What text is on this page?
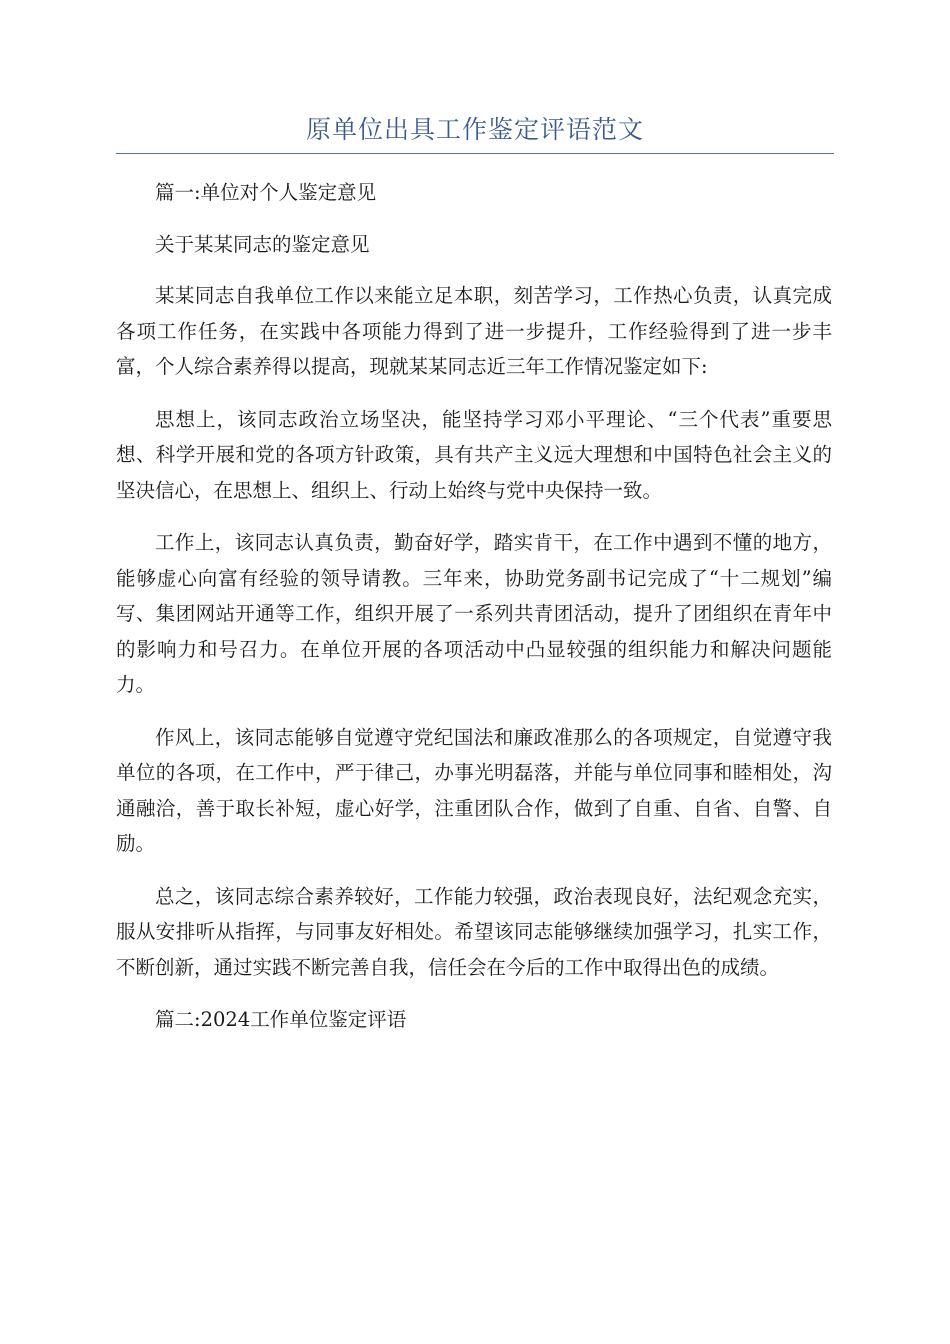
原单位出具工作鉴定评语范文

篇一:单位对个人鉴定意见

关于某某同志的鉴定意见

某某同志自我单位工作以来能立足本职，刻苦学习，工作热心负责，认真完成各项工作任务，在实践中各项能力得到了进一步提升，工作经验得到了进一步丰富，个人综合素养得以提高，现就某某同志近三年工作情况鉴定如下:

思想上，该同志政治立场坚决，能坚持学习邓小平理论、“三个代表”重要思想、科学开展和党的各项方针政策，具有共产主义远大理想和中国特色社会主义的坚决信心，在思想上、组织上、行动上始终与党中央保持一致。

工作上，该同志认真负责，勤奋好学，踏实肯干，在工作中遇到不懂的地方，能够虚心向富有经验的领导请教。三年来，协助党务副书记完成了“十二规划”编写、集团网站开通等工作，组织开展了一系列共青团活动，提升了团组织在青年中的影响力和号召力。在单位开展的各项活动中凸显较强的组织能力和解决问题能力。

作风上，该同志能够自觉遵守党纪国法和廉政准那么的各项规定，自觉遵守我单位的各项，在工作中，严于律己，办事光明磊落，并能与单位同事和睦相处，沟通融洽，善于取长补短，虚心好学，注重团队合作，做到了自重、自省、自警、自励。

总之，该同志综合素养较好，工作能力较强，政治表现良好，法纪观念充实，服从安排听从指挥，与同事友好相处。希望该同志能够继续加强学习，扎实工作，不断创新，通过实践不断完善自我，信任会在今后的工作中取得出色的成绩。

篇二:2024工作单位鉴定评语
